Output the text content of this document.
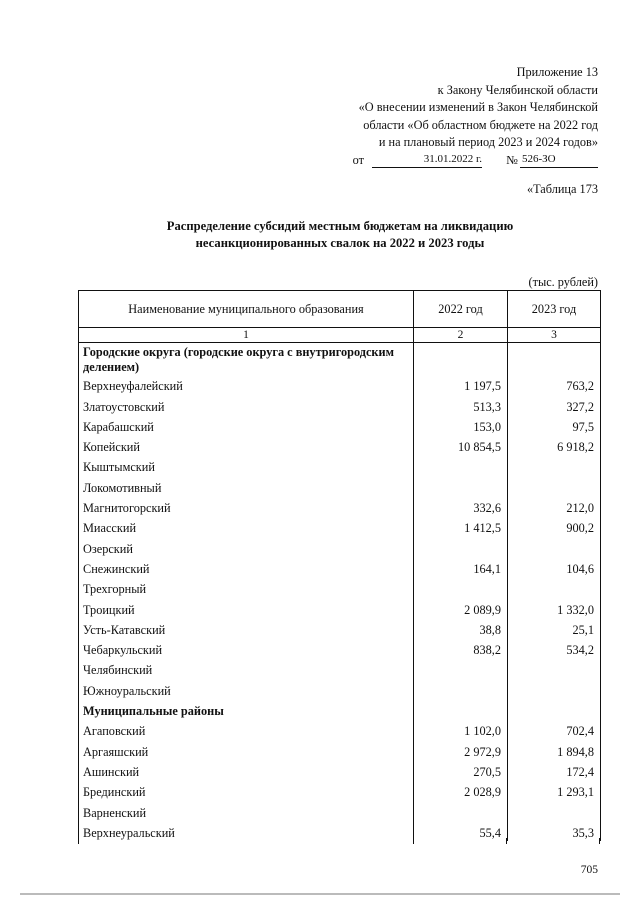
Приложение 13
к Закону Челябинской области
«О внесении изменений в Закон Челябинской
области «Об областном бюджете на 2022 год
и на плановый период 2023 и 2024 годов»
от	31.01.2022 г. № 526-ЗО
«Таблица 173
Распределение субсидий местным бюджетам на ликвидацию
несанкционированных свалок на 2022 и 2023 годы
(тыс. рублей)
Наименование муниципального образования	2022 год	2023 год
1	2	3
Городские округа (городские округа с внутригородским делением)		
Верхнеуфалейский	1 197,5	763,2
Златоустовский	513,3	327,2
Карабашский	153,0	97,5
Копейский	10 854,5	6 918,2
Кыштымский		
Локомотивный		
Магнитогорский	332,6	212,0
Миасский	1 412,5	900,2
Озерский		
Снежинский	164,1	104,6
Трехгорный		
Троицкий	2 089,9	1 332,0
Усть-Катавский	38,8	25,1
Чебаркульский	838,2	534,2
Челябинский		
Южноуральский		
Муниципальные районы		
Агаповский	1 102,0	702,4
Аргаяшский	2 972,9	1 894,8
Ашинский	270,5	172,4
Брединский	2 028,9	1 293,1
Варненский		
Верхнеуральский	55,4	35,3
705
